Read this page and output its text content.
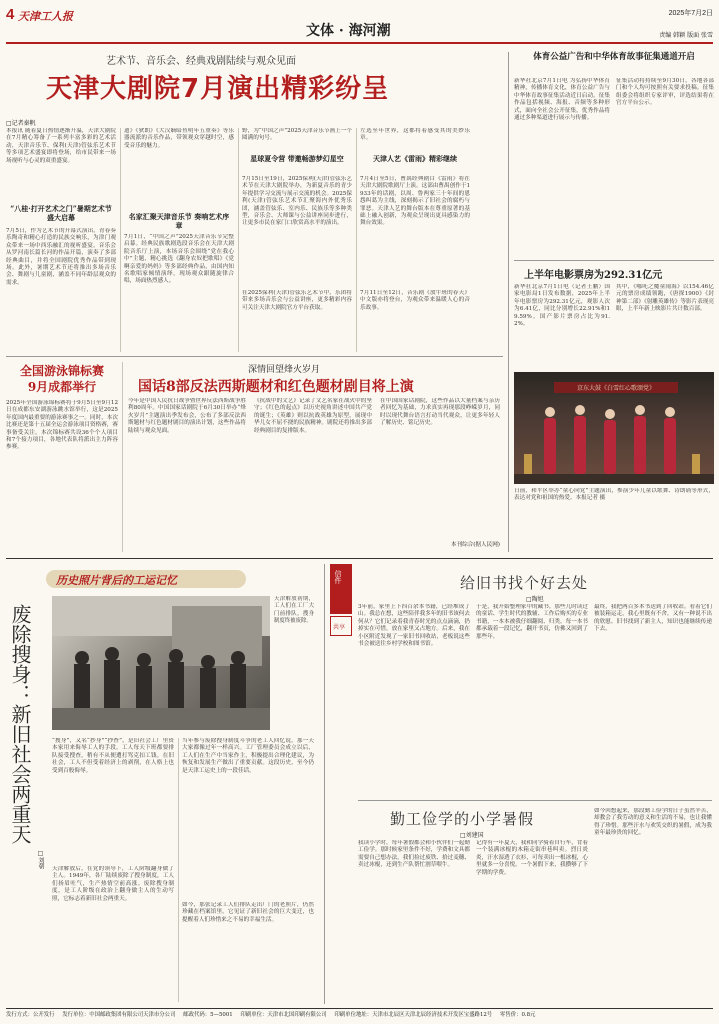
4 天津工人报	2025年7月2日
文体 · 海河潮	责编 韩颖 版面 张雪
艺术节、音乐会、经典戏剧陆续与观众见面
天津大剧院7月演出精彩纷呈
□记者秦帆
本报讯 随着夏日热情逐渐升温，天津大剧院在7月精心筹备了一系列丰富多彩的艺术活动，天津音乐节、保利(天津)管弦乐艺术节等多项艺术盛宴即将登场，给市民带来一场场视听与心灵的双重盛宴。
“八桂·打开艺术之门”暑期艺术节盛大启幕
7月5日，作为艺术节的开幕式演出，青春奏乐陶奇和精心打造的民族交响乐，为津门观众带来一场中西乐融汇的视听盛宴。音乐会从罗河南长篇长河的作品开篇，演奏了多部经典曲目，并将全国剧院优秀作品带到现场。此外，暑期艺术节还将推出多场音乐会、舞剧与儿童剧，涵盖不同年龄层观众的需求。
遗》《狄朗》《大汉嫡暗鱼明年五重奏》等乐器流派的音乐作品，带领观众穿越时空，感受音乐的魅力。
名家汇聚天津音乐节 奏响艺术序章
7月1日，“中国之声”2025天津音乐节完整启幕。经典民族歌剧选段音乐会在天津大剧院音乐厅上演，本场音乐会围绕“党在我心中”主题，精心挑选《翻身农奴把歌唱》《党啊亲爱的妈妈》等多部经典作品，由国内知名歌唱家倾情演绎，现场观众跟随旋律合唱，场面热烈感人。
野，为“中国之声”2025天津音乐节画上一个圆满的句号。
星球夏令营 带邀畅游梦幻星空
7月15日至19日，2025保利(天津)管弦乐艺术节在天津大剧院举办，为新夏音乐的青少年提供学习交流与展示交流的机会。2025保利(天津)管弦乐艺术节汇聚海内外优秀乐团，涵盖管弦乐、室内乐、民族乐等多种类型，音乐会、大师课与公益讲座同步进行，让更多市民在家门口欣赏高水平的演出。
在2025保利(天津)管弦乐艺术节中，乐团将带来多场音乐会与公益讲座，更多精彩内容可关注天津大剧院官方平台获取。
左选至年世界，这都将着感受其的美妙乐章。
天津人艺《雷雨》精彩继续
7月4日至5日，曹禺经典剧目《雷雨》将在天津大剧院歌剧厅上演。这部由曹禺创作于1933年的话剧，以周、鲁两家三十年间的恩怨纠葛为主线，深刻揭示了旧社会的腐朽与罪恶。天津人艺的舞台版本在尊重原著的基础上融入创新，为观众呈现出更具感染力的舞台效果。
7月11日至12日，音乐剧《放牛班的春天》中文版亦将登台，为观众带来温暖人心的音乐故事。
体育公益广告和中华体育故事征集通道开启
新华社北京7月1日电 为弘扬中华体育精神，传播体育文化，体育公益广告与中华体育故事征集活动近日启动。征集作品包括视频、海报、音频等多种形式，面向全社会公开征集，优秀作品将通过多种渠道进行展示与传播。
征集活动将持续至9月30日，各地各部门和个人均可按照有关要求投稿。征集组委会将组织专家评审，评选结果将在官方平台公示。
上半年电影票房为292.31亿元
新华社北京7月1日电（记者王鹏）国家电影局1日发布数据，2025年上半年电影票房为292.31亿元，观影人次为6.41亿，同比分别增长22.91%和19.59%。国产影片票房占比为91.2%。
其中，《哪吒之魔童闹海》以154.46亿元的票房成绩领跑，《唐探1900》《封神第二部》《射雕英雄传》等影片表现亮眼，上半年新上映影片共计数百部。
京东大鼓《白雪红心歌颂党》
日前，和平区举办“童心向党”主题演出，参演少年儿童以歌舞、诗朗诵等形式，表达对党和祖国的热爱。本报记者 摄
全国游泳锦标赛
9月成都举行
2025年全国游泳锦标赛将于9月5日至9月12日在成都东安湖游泳跳水馆举行，这是2025年度国内最重要的游泳赛事之一。同时，本次比赛还是第十五届全运会游泳项目资格赛，赛事备受关注。本次锦标赛共设36个个人项目和7个接力项目，各地代表队将派出主力阵容参赛。
深情回望烽火岁月
国话8部反法西斯题材和红色题材剧目将上演
今年是中国人民抗日战争暨世界反法西斯战争胜利80周年。中国国家话剧院于6月30日举办“烽火岁月”主题演出季发布会，公布了多部反法西斯题材与红色题材剧目的演出计划，这些作品将陆续与观众见面。
《抗战中的文艺》记录了文艺名家在战火中的坚守；《红色的起点》以历史视角讲述中国共产党的诞生；《英雄》则以抗战英雄为原型，展现中华儿女不屈不挠的民族精神。剧院还将推出多部经典剧目的复排版本。
在中国国家话剧院，这些作品以大量档案与亲历者回忆为基础，力求真实再现那段峥嵘岁月，同时以现代舞台语言打动当代观众，让更多年轻人了解历史、铭记历史。
本刊综合(据人民网)
历史照片背后的工运记忆
废除搜身：新旧社会两重天
□刘朝
天津解放初期，工人们在工厂大门前排队，搜身制度终被废除。
“搜身”，又名“抄身”“抄查”，是旧社会工厂里资本家用来侮辱工人的手段。工人每天下班都要排队接受搜查，稍有不从便遭打骂克扣工钱。在旧社会，工人不但受着经济上的剥削，在人格上也受到百般侮辱。
天津解放后，在党的领导下，工人阶级翻身做了主人。1949年，各厂陆续废除了搜身制度，工人们扬眉吐气，生产热情空前高涨。废除搜身制度，是工人阶级在政治上翻身做主人的生动写照，它标志着新旧社会两重天。
当年参与废除搜身制度斗争的老工人回忆说，那一天大家都像过年一样高兴。工厂管理委员会成立以后，工人们在生产中当家作主，积极提出合理化建议，为恢复和发展生产做出了重要贡献。这段历史，至今仍是天津工运史上的一段佳话。
如今，那张记录工人们排队走出厂门的老照片，仍然珍藏在档案馆里。它见证了新旧社会的巨大变迁，也提醒着人们珍惜来之不易的幸福生活。
信件
共享
给旧书找个好去处
□陶旭
3年前，家里上下四百余本书籍，已经堆成了山。我总在想，这些陪伴我多年的旧书该何去何从？它们记录着我青春时光的点点滴滴，扔掉实在可惜，放在家里又占地方。后来，我在小区附近发现了一家旧书回收站，老板说这些书会被送往乡村学校和图书馆。
于是，我开始整理家中的藏书。那些儿时读过的童话、学生时代的教辅、工作后购买的专业书籍，一本本被我仔细翻阅、归类。每一本书都承载着一段记忆，翻开书页，仿佛又回到了那些年。
最终，我把两百多本书送到了回收站。看着它们被装箱运走，我心里既有不舍，又有一种说不出的欣慰。旧书找到了新主人，知识也能继续传递下去。
勤工俭学的小学暑假
□刘建国
我读小学时，每年暑假都会和小伙伴们一起勤工俭学。那时候家里条件不好，学费和文具都需要自己想办法。我们捡过废铁、拾过麦穗、卖过冰棍，还到生产队帮忙割草喂牛。
记得有一年夏天，我和同学骑着自行车，背着一个装满冰棍的木箱走街串巷叫卖。烈日炎炎，汗水湿透了衣衫，可每卖出一根冰棍，心里就多一分喜悦。一个暑假下来，我攒够了下学期的学费。
如今回想起来，那段勤工俭学的日子虽然辛苦，却教会了我劳动的意义和生活的不易，也让我懂得了珍惜。那些汗水与欢笑交织的暑假，成为我童年最珍贵的回忆。
发行方式：公开发行 发行单位：中国邮政集团有限公司天津市分公司 邮政代码：5—5001 印刷单位：天津市北国印刷有限公司 印刷单位地址：天津市北辰区天津北辰经济技术开发区宝盛路12号 零售价：0.8元
